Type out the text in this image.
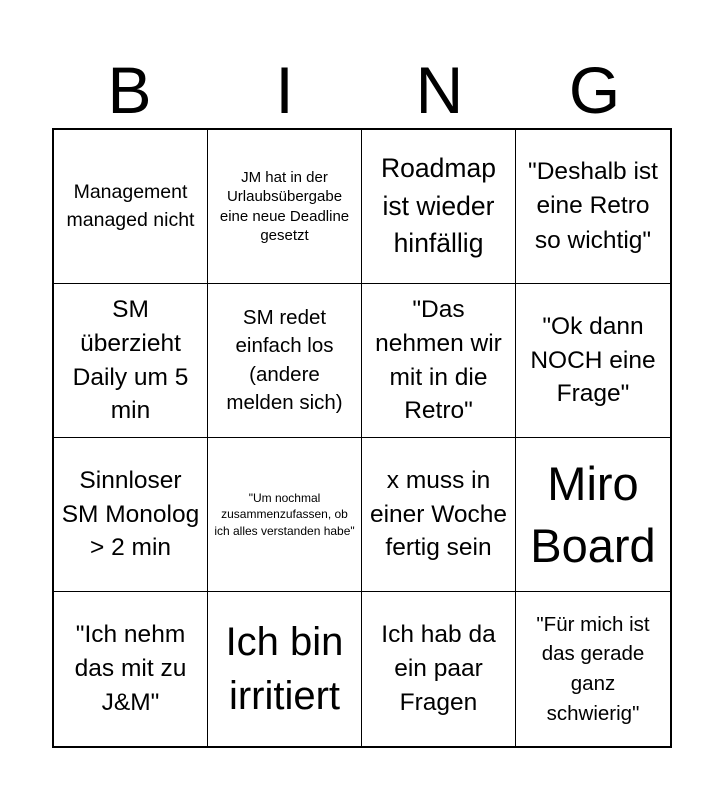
B	I	N	G
Management managed nicht
JM hat in der Urlaubsübergabe eine neue Deadline gesetzt
Roadmap ist wieder hinfällig
"Deshalb ist eine Retro so wichtig"
SM überzieht Daily um 5 min
SM redet einfach los (andere melden sich)
"Das nehmen wir mit in die Retro"
"Ok dann NOCH eine Frage"
Sinnloser SM Monolog > 2 min
"Um nochmal zusammenzufassen, ob ich alles verstanden habe"
x muss in einer Woche fertig sein
Miro Board
"Ich nehm das mit zu J&M"
Ich bin irritiert
Ich hab da ein paar Fragen
"Für mich ist das gerade ganz schwierig"
